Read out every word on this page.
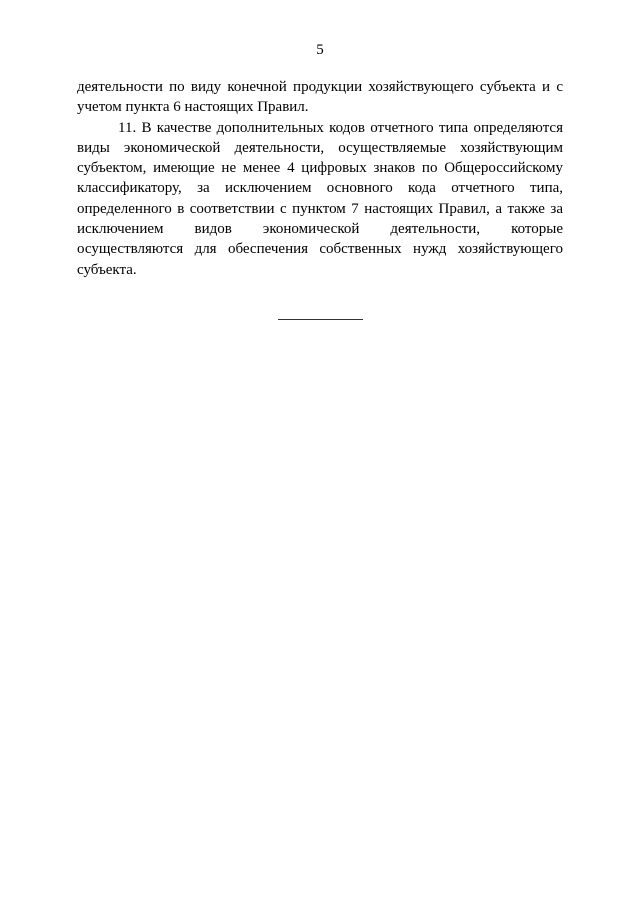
5

деятельности по виду конечной продукции хозяйствующего субъекта и с учетом пункта 6 настоящих Правил.

11. В качестве дополнительных кодов отчетного типа определяются виды экономической деятельности, осуществляемые хозяйствующим субъектом, имеющие не менее 4 цифровых знаков по Общероссийскому классификатору, за исключением основного кода отчетного типа, определенного в соответствии с пунктом 7 настоящих Правил, а также за исключением видов экономической деятельности, которые осуществляются для обеспечения собственных нужд хозяйствующего субъекта.
